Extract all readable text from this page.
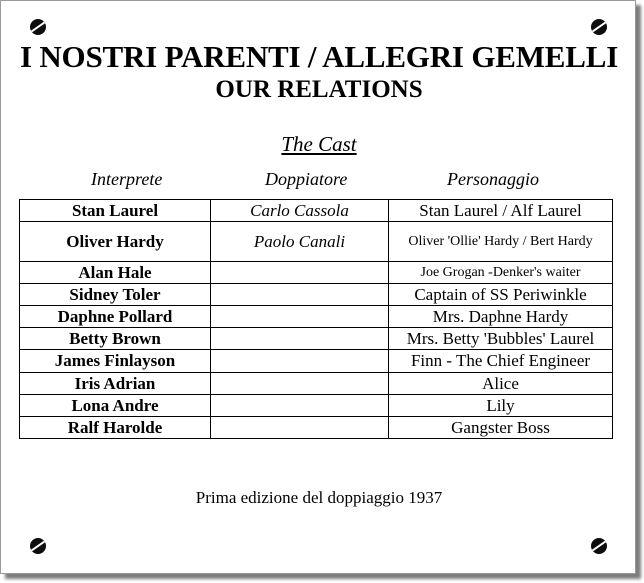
I NOSTRI PARENTI / ALLEGRI GEMELLI
OUR RELATIONS
The Cast
Interprete	Doppiatore	Personaggio
Stan Laurel	Carlo Cassola	Stan Laurel / Alf Laurel
Oliver Hardy	Paolo Canali	Oliver 'Ollie' Hardy / Bert Hardy
Alan Hale		Joe Grogan -Denker's waiter
Sidney Toler		Captain of SS Periwinkle
Daphne Pollard		Mrs. Daphne Hardy
Betty Brown		Mrs. Betty 'Bubbles' Laurel
James Finlayson		Finn - The Chief Engineer
Iris Adrian		Alice
Lona Andre		Lily
Ralf Harolde		Gangster Boss

Prima edizione del doppiaggio 1937
